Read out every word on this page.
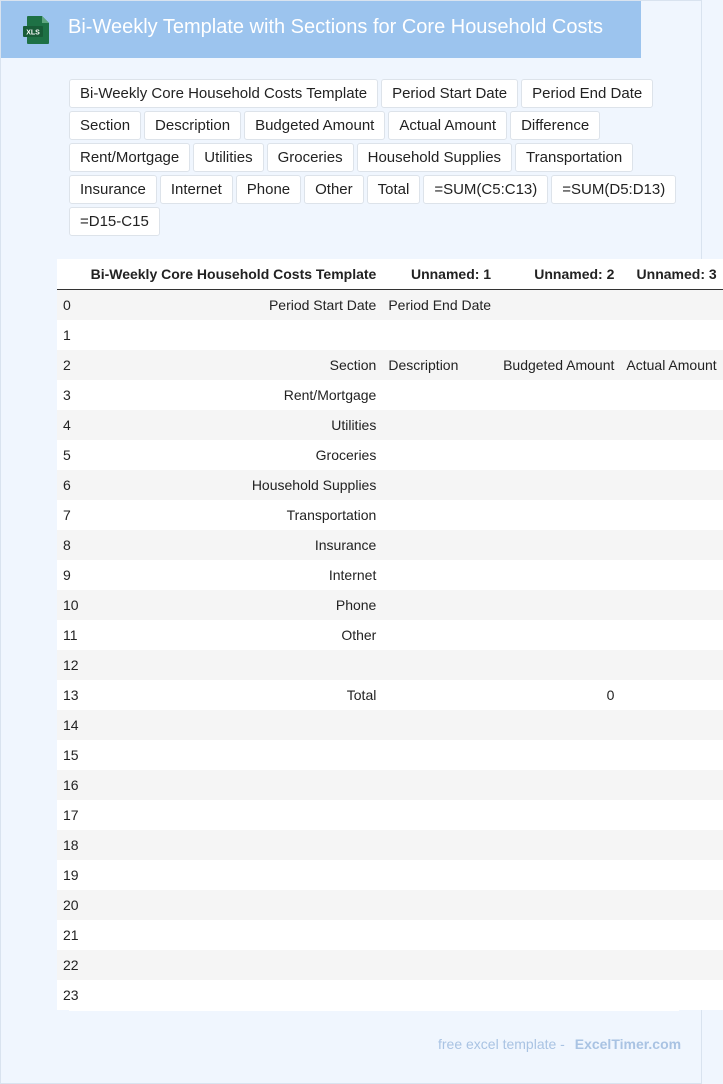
XLS Bi-Weekly Template with Sections for Core Household Costs
Bi-Weekly Core Household Costs Template	Period Start Date	Period End Date
Section	Description	Budgeted Amount	Actual Amount	Difference
Rent/Mortgage	Utilities	Groceries	Household Supplies	Transportation
Insurance	Internet	Phone	Other	Total	=SUM(C5:C13)	=SUM(D5:D13)
=D15-C15
	Bi-Weekly Core Household Costs Template	Unnamed: 1	Unnamed: 2	Unnamed: 3
0	Period Start Date	Period End Date		
1				
2	Section	Description	Budgeted Amount	Actual Amount
3	Rent/Mortgage			
4	Utilities			
5	Groceries			
6	Household Supplies			
7	Transportation			
8	Insurance			
9	Internet			
10	Phone			
11	Other			
12				
13	Total		0	
14				
15				
16				
17				
18				
19				
20				
21				
22				
23				
free excel template - ExcelTimer.com
